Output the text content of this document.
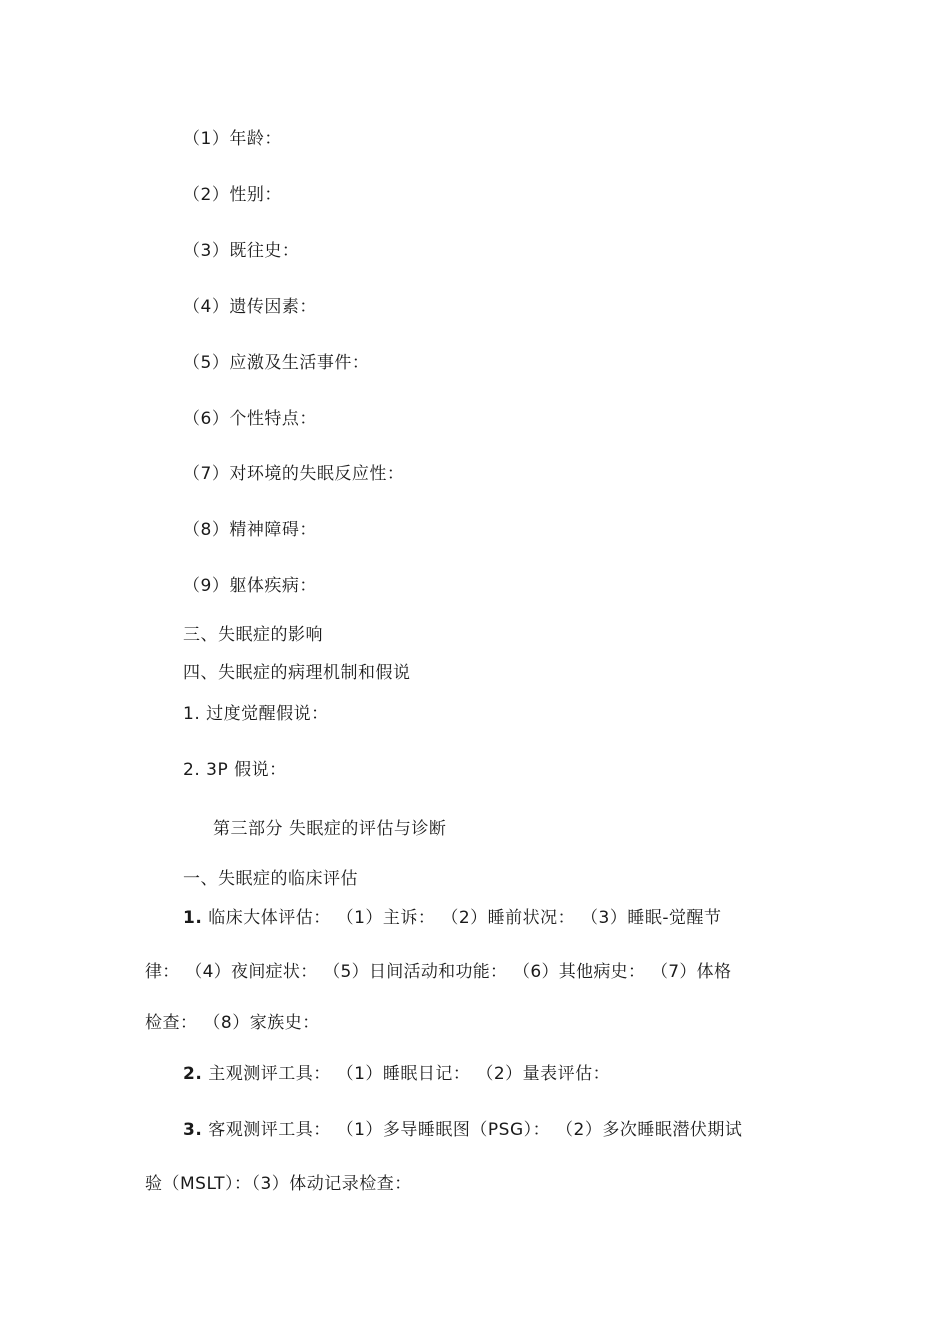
（1）年龄：
（2）性别：
（3）既往史：
（4）遗传因素：
（5）应激及生活事件：
（6）个性特点：
（7）对环境的失眠反应性：
（8）精神障碍：
（9）躯体疾病：
三、失眠症的影响
四、失眠症的病理机制和假说
1. 过度觉醒假说：
2. 3P 假说：
第三部分 失眠症的评估与诊断
一、失眠症的临床评估
1. 临床大体评估： （1）主诉： （2）睡前状况： （3）睡眠-觉醒节
律： （4）夜间症状： （5）日间活动和功能： （6）其他病史： （7）体格
检查： （8）家族史：
2. 主观测评工具： （1）睡眠日记： （2）量表评估：
3. 客观测评工具： （1）多导睡眠图（PSG）： （2）多次睡眠潜伏期试
验（MSLT）：（3）体动记录检查：
